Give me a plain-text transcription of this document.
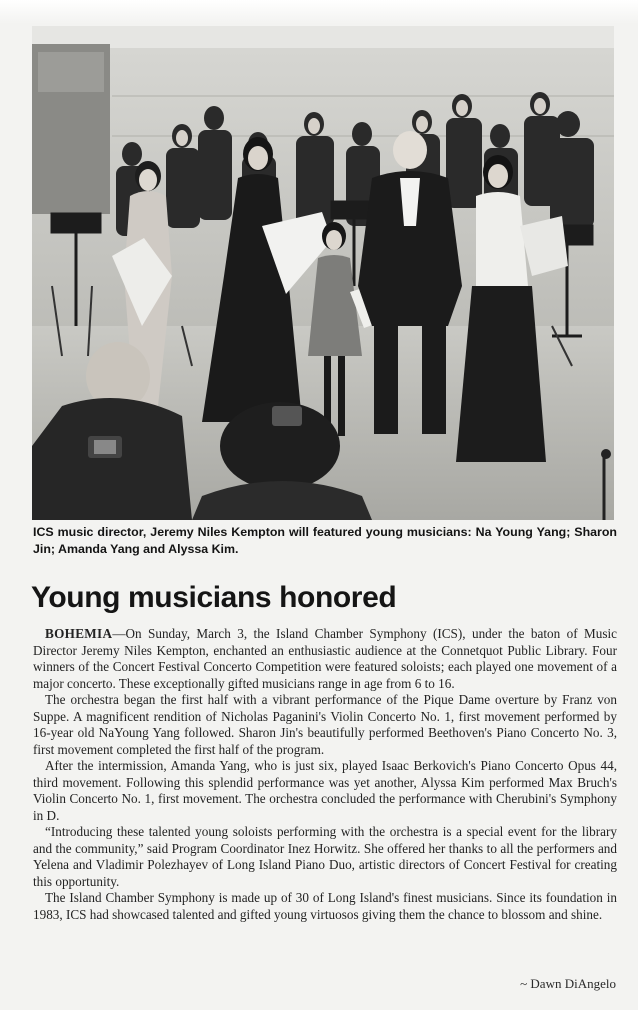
ICS music director, Jeremy Niles Kempton will featured young musicians: Na Young Yang; Sharon Jin; Amanda Yang and Alyssa Kim.

Young musicians honored

BOHEMIA—On Sunday, March 3, the Island Chamber Symphony (ICS), under the baton of Music Director Jeremy Niles Kempton, enchanted an enthusiastic audience at the Connetquot Public Library. Four winners of the Concert Festival Concerto Competition were featured soloists; each played one movement of a major concerto. These exceptionally gifted musicians range in age from 6 to 16.

The orchestra began the first half with a vibrant performance of the Pique Dame overture by Franz von Suppe. A magnificent rendition of Nicholas Paganini's Violin Concerto No. 1, first movement performed by 16-year old NaYoung Yang followed. Sharon Jin's beautifully performed Beethoven's Piano Concerto No. 3, first movement completed the first half of the program.

After the intermission, Amanda Yang, who is just six, played Isaac Berkovich's Piano Concerto Opus 44, third movement. Following this splendid performance was yet another, Alyssa Kim performed Max Bruch's Violin Concerto No. 1, first movement. The orchestra concluded the performance with Cherubini's Symphony in D.

“Introducing these talented young soloists performing with the orchestra is a special event for the library and the community,” said Program Coordinator Inez Horwitz. She offered her thanks to all the performers and Yelena and Vladimir Polezhayev of Long Island Piano Duo, artistic directors of Concert Festival for creating this opportunity.

The Island Chamber Symphony is made up of 30 of Long Island's finest musicians. Since its foundation in 1983, ICS had showcased talented and gifted young virtuosos giving them the chance to blossom and shine.

~ Dawn DiAngelo
